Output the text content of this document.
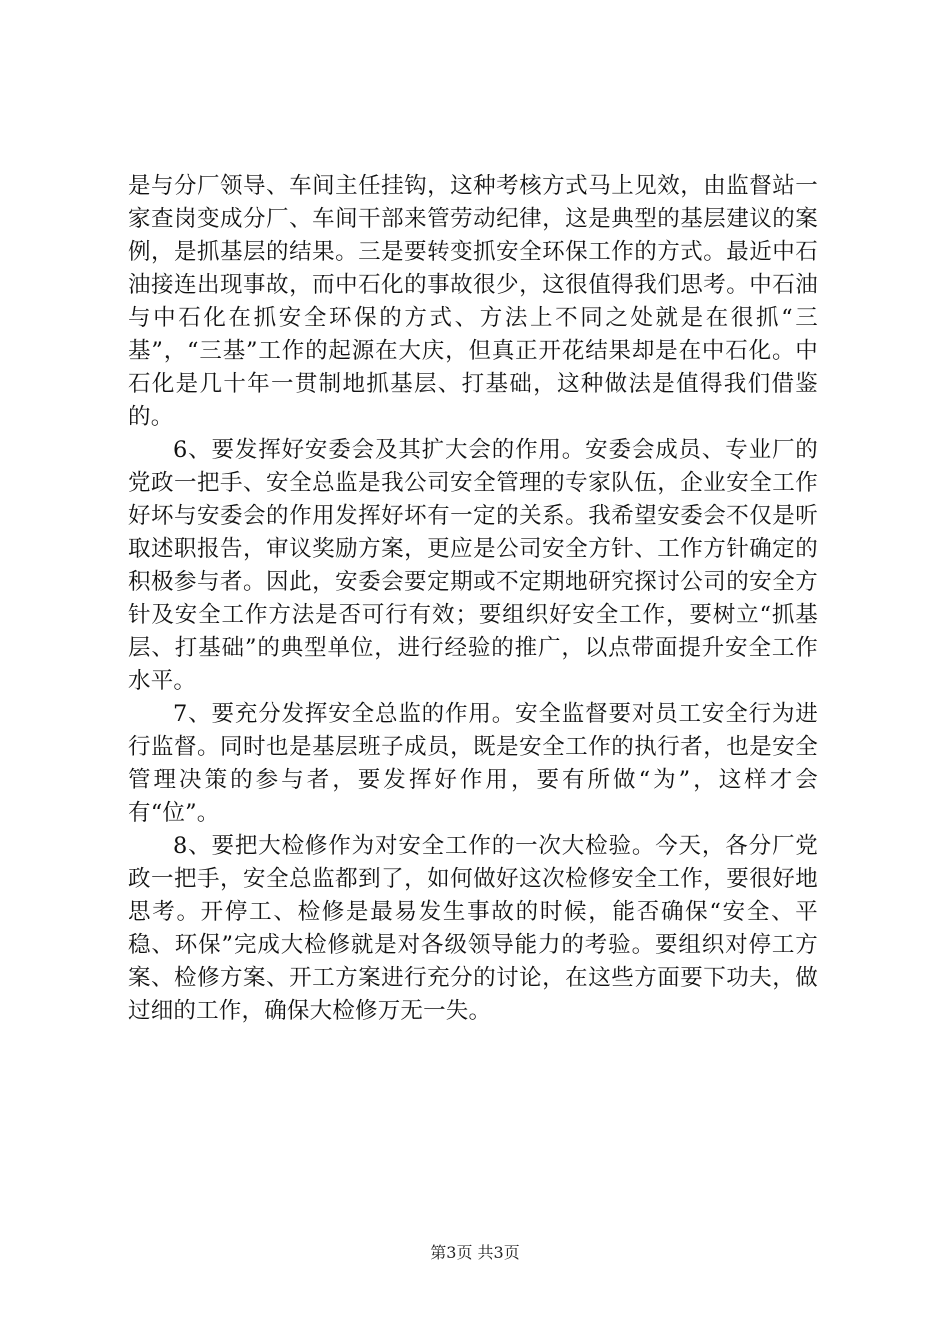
是与分厂领导、车间主任挂钩，这种考核方式马上见效，由监督站一家查岗变成分厂、车间干部来管劳动纪律，这是典型的基层建议的案例，是抓基层的结果。三是要转变抓安全环保工作的方式。最近中石油接连出现事故，而中石化的事故很少，这很值得我们思考。中石油与中石化在抓安全环保的方式、方法上不同之处就是在很抓“三基”，“三基”工作的起源在大庆，但真正开花结果却是在中石化。中石化是几十年一贯制地抓基层、打基础，这种做法是值得我们借鉴的。

6、要发挥好安委会及其扩大会的作用。安委会成员、专业厂的党政一把手、安全总监是我公司安全管理的专家队伍，企业安全工作好坏与安委会的作用发挥好坏有一定的关系。我希望安委会不仅是听取述职报告，审议奖励方案，更应是公司安全方针、工作方针确定的积极参与者。因此，安委会要定期或不定期地研究探讨公司的安全方针及安全工作方法是否可行有效；要组织好安全工作，要树立“抓基层、打基础”的典型单位，进行经验的推广，以点带面提升安全工作水平。

7、要充分发挥安全总监的作用。安全监督要对员工安全行为进行监督。同时也是基层班子成员，既是安全工作的执行者，也是安全管理决策的参与者，要发挥好作用，要有所做“为”，这样才会有“位”。

8、要把大检修作为对安全工作的一次大检验。今天，各分厂党政一把手，安全总监都到了，如何做好这次检修安全工作，要很好地思考。开停工、检修是最易发生事故的时候，能否确保“安全、平稳、环保”完成大检修就是对各级领导能力的考验。要组织对停工方案、检修方案、开工方案进行充分的讨论，在这些方面要下功夫，做过细的工作，确保大检修万无一失。

第3页 共3页
